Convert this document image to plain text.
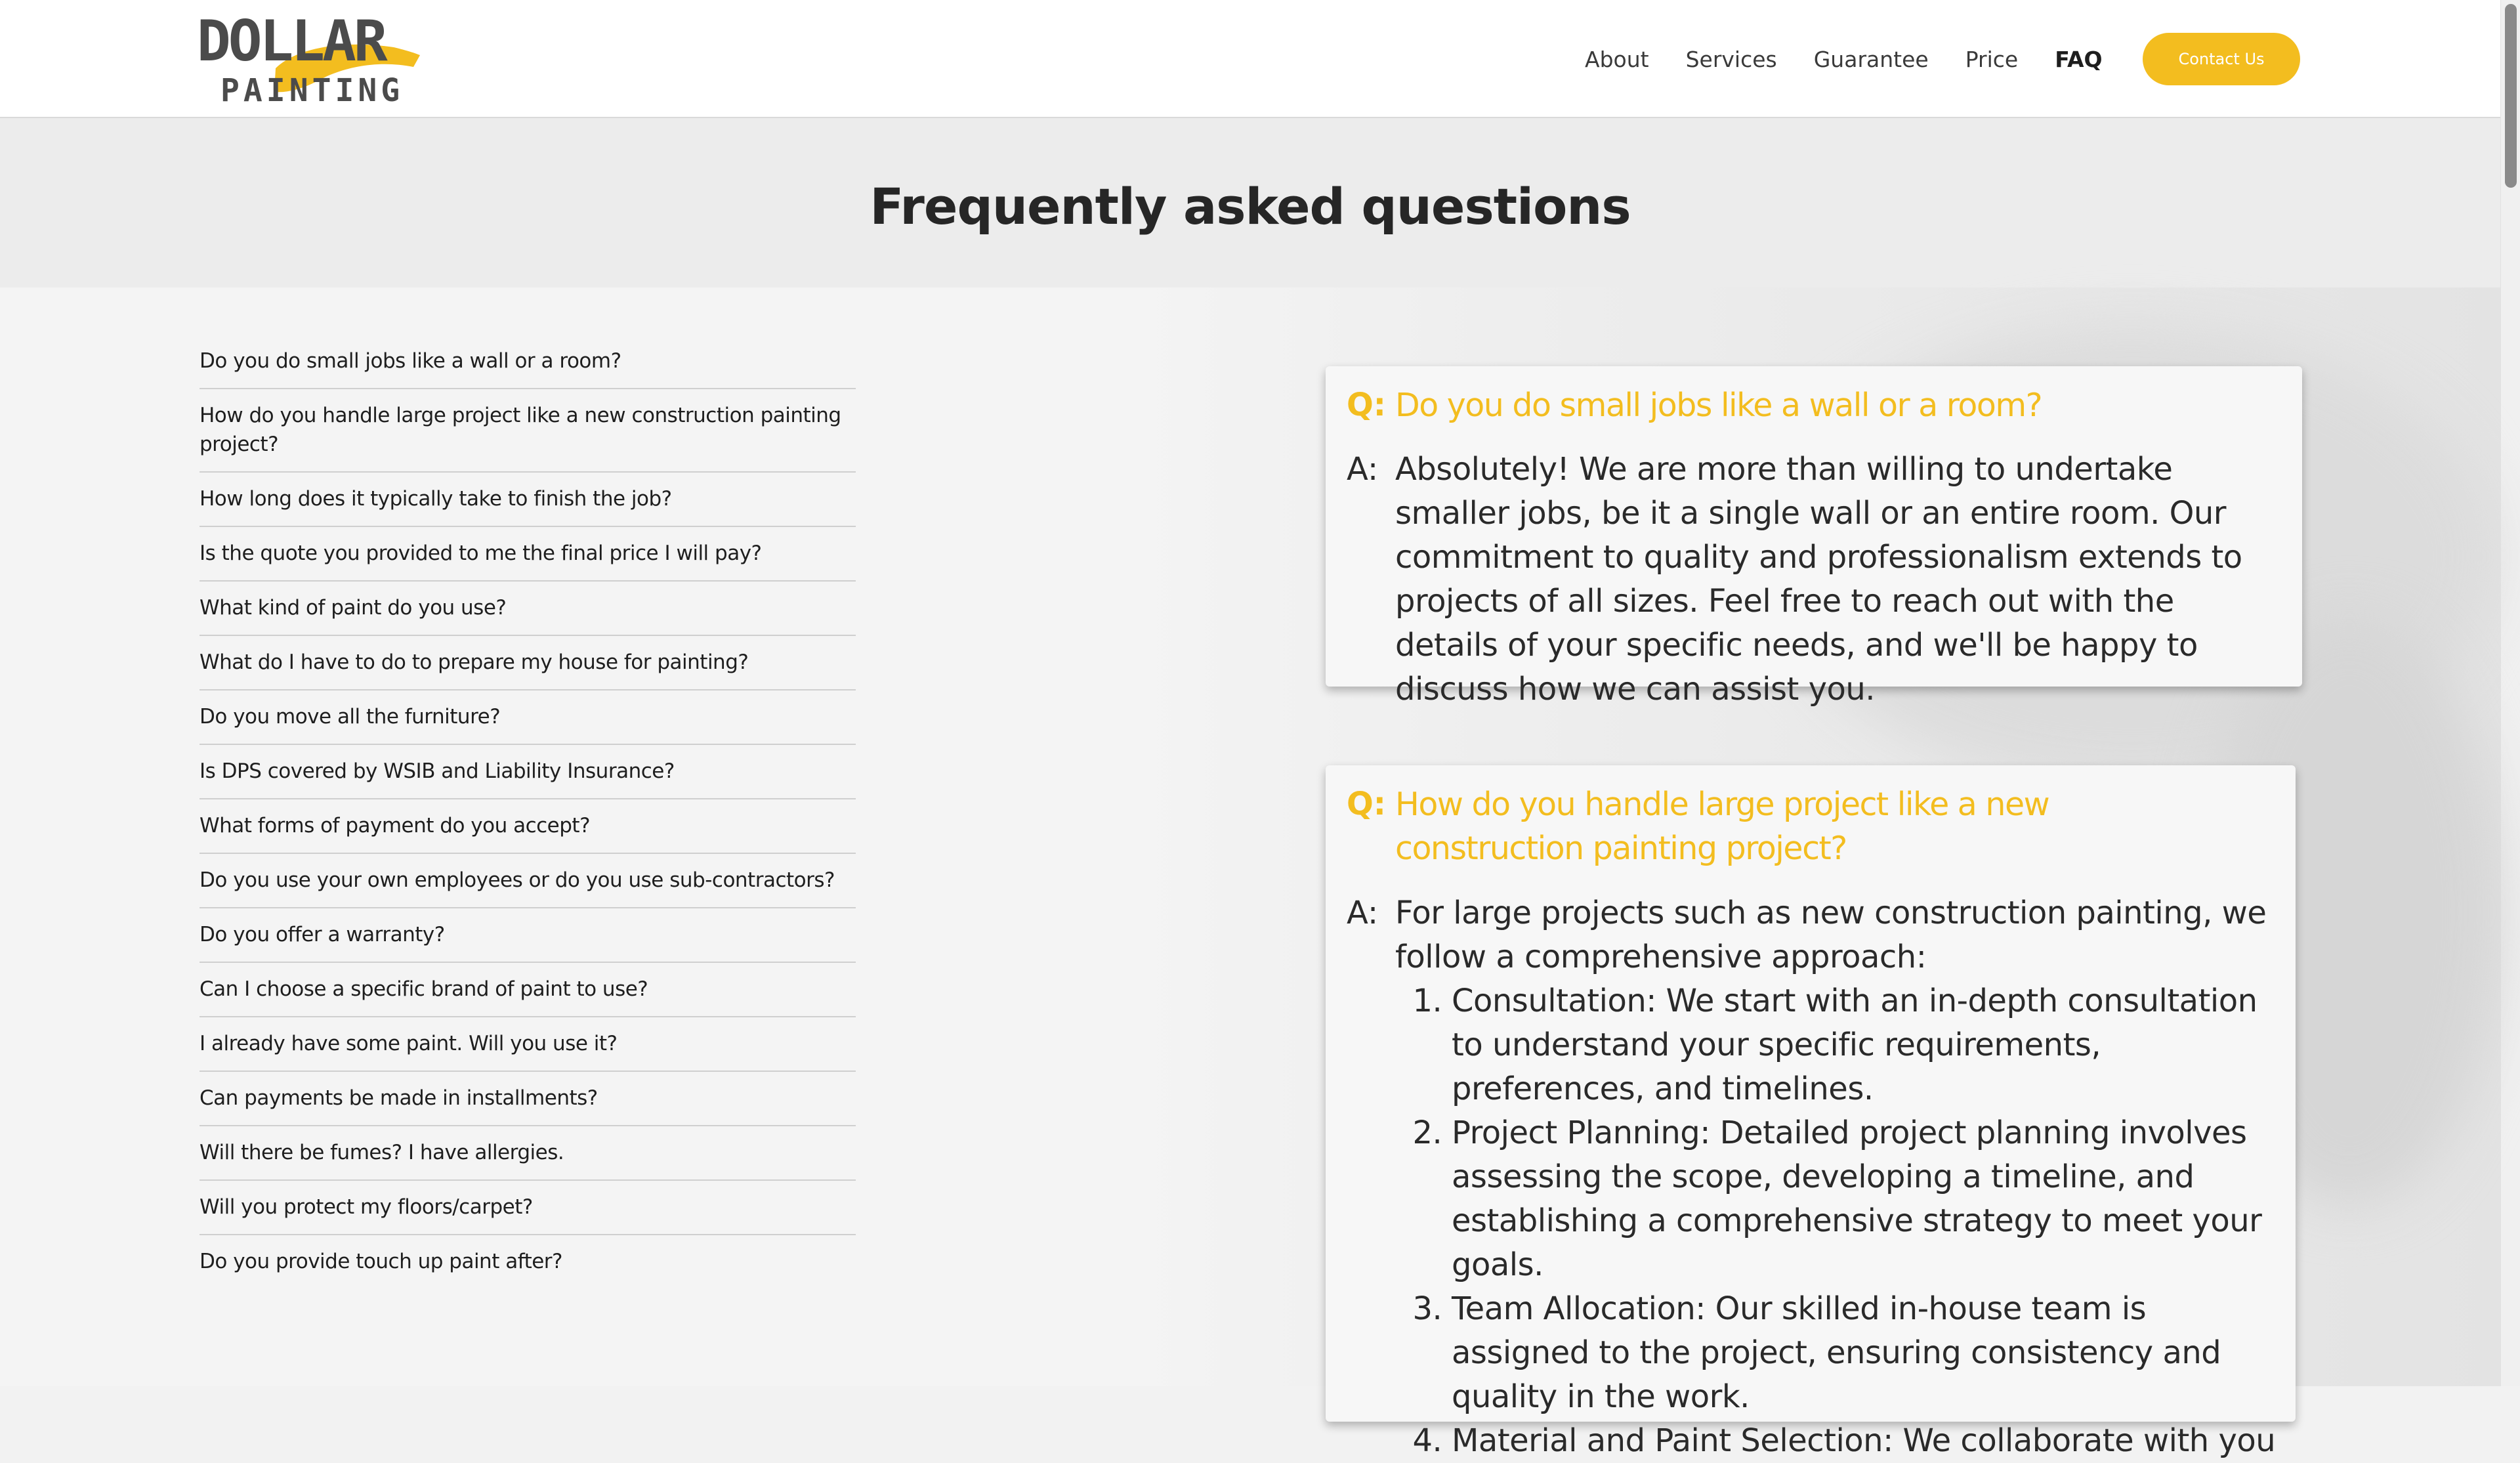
DOLLAR
PAINTING
About Services Guarantee Price FAQ	Contact Us
Frequently asked questions
Do you do small jobs like a wall or a room?
How do you handle large project like a new construction painting project?
How long does it typically take to finish the job?
Is the quote you provided to me the final price I will pay?
What kind of paint do you use?
What do I have to do to prepare my house for painting?
Do you move all the furniture?
Is DPS covered by WSIB and Liability Insurance?
What forms of payment do you accept?
Do you use your own employees or do you use sub-contractors?
Do you offer a warranty?
Can I choose a specific brand of paint to use?
I already have some paint. Will you use it?
Can payments be made in installments?
Will there be fumes? I have allergies.
Will you protect my floors/carpet?
Do you provide touch up paint after?
Q: Do you do small jobs like a wall or a room?
A: Absolutely! We are more than willing to undertake smaller jobs, be it a single wall or an entire room. Our commitment to quality and professionalism extends to projects of all sizes. Feel free to reach out with the details of your specific needs, and we'll be happy to discuss how we can assist you.
Q: How do you handle large project like a new construction painting project?
A: For large projects such as new construction painting, we follow a comprehensive approach:
1. Consultation: We start with an in-depth consultation to understand your specific requirements, preferences, and timelines.
2. Project Planning: Detailed project planning involves assessing the scope, developing a timeline, and establishing a comprehensive strategy to meet your goals.
3. Team Allocation: Our skilled in-house team is assigned to the project, ensuring consistency and quality in the work.
4. Material and Paint Selection: We collaborate with you
